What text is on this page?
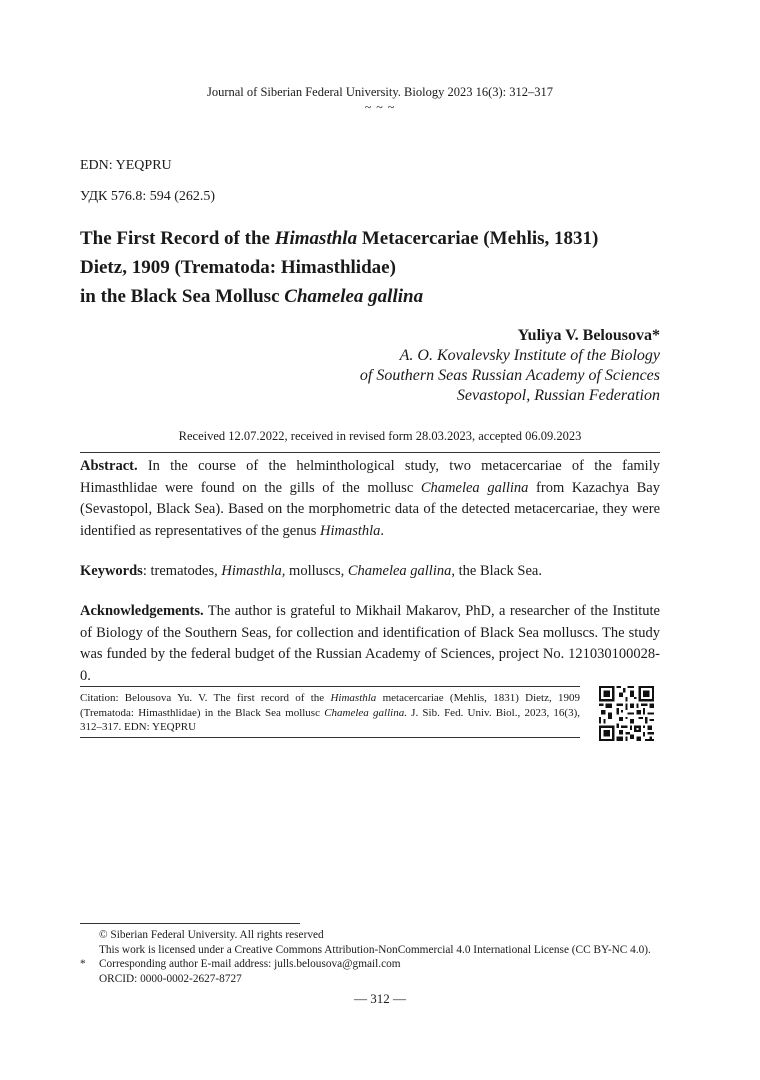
Journal of Siberian Federal University. Biology 2023 16(3): 312–317
~ ~ ~
EDN: YEQPRU
УДК 576.8: 594 (262.5)
The First Record of the Himasthla Metacercariae (Mehlis, 1831)
Dietz, 1909 (Trematoda: Himasthlidae)
in the Black Sea Mollusc Chamelea gallina
Yuliya V. Belousova*
A. O. Kovalevsky Institute of the Biology
of Southern Seas Russian Academy of Sciences
Sevastopol, Russian Federation
Received 12.07.2022, received in revised form 28.03.2023, accepted 06.09.2023
Abstract. In the course of the helminthological study, two metacercariae of the family Himasthlidae were found on the gills of the mollusc Chamelea gallina from Kazachya Bay (Sevastopol, Black Sea). Based on the morphometric data of the detected metacercariae, they were identified as representatives of the genus Himasthla.
Keywords: trematodes, Himasthla, molluscs, Chamelea gallina, the Black Sea.
Acknowledgements. The author is grateful to Mikhail Makarov, PhD, a researcher of the Institute of Biology of the Southern Seas, for collection and identification of Black Sea molluscs. The study was funded by the federal budget of the Russian Academy of Sciences, project No. 121030100028-0.
Citation: Belousova Yu. V. The first record of the Himasthla metacercariae (Mehlis, 1831) Dietz, 1909 (Trematoda: Himasthlidae) in the Black Sea mollusc Chamelea gallina. J. Sib. Fed. Univ. Biol., 2023, 16(3), 312–317. EDN: YEQPRU
© Siberian Federal University. All rights reserved
This work is licensed under a Creative Commons Attribution-NonCommercial 4.0 International License (CC BY-NC 4.0).
* Corresponding author E-mail address: julls.belousova@gmail.com
ORCID: 0000-0002-2627-8727
— 312 —
